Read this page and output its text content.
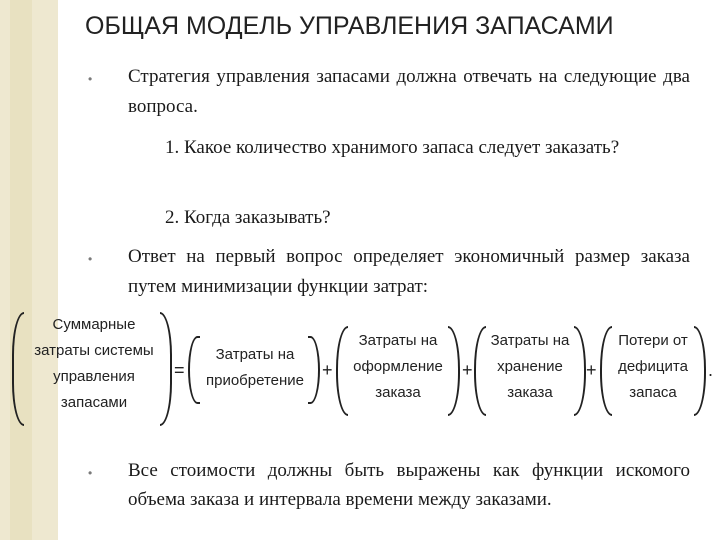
ОБЩАЯ МОДЕЛЬ УПРАВЛЕНИЯ ЗАПАСАМИ
• Стратегия управления запасами должна отвечать на следующие два вопроса.
1. Какое количество хранимого запаса следует заказать?
2. Когда заказывать?
• Ответ на первый вопрос определяет экономичный размер заказа путем минимизации функции затрат:
Суммарные
затраты системы
управления
запасами
=
Затраты на
приобретение
+
Затраты на
оформление
заказа
+
Затраты на
хранение
заказа
+
Потери от
дефицита
запаса
.
• Все стоимости должны быть выражены как функции искомого объема заказа и интервала времени между заказами.
